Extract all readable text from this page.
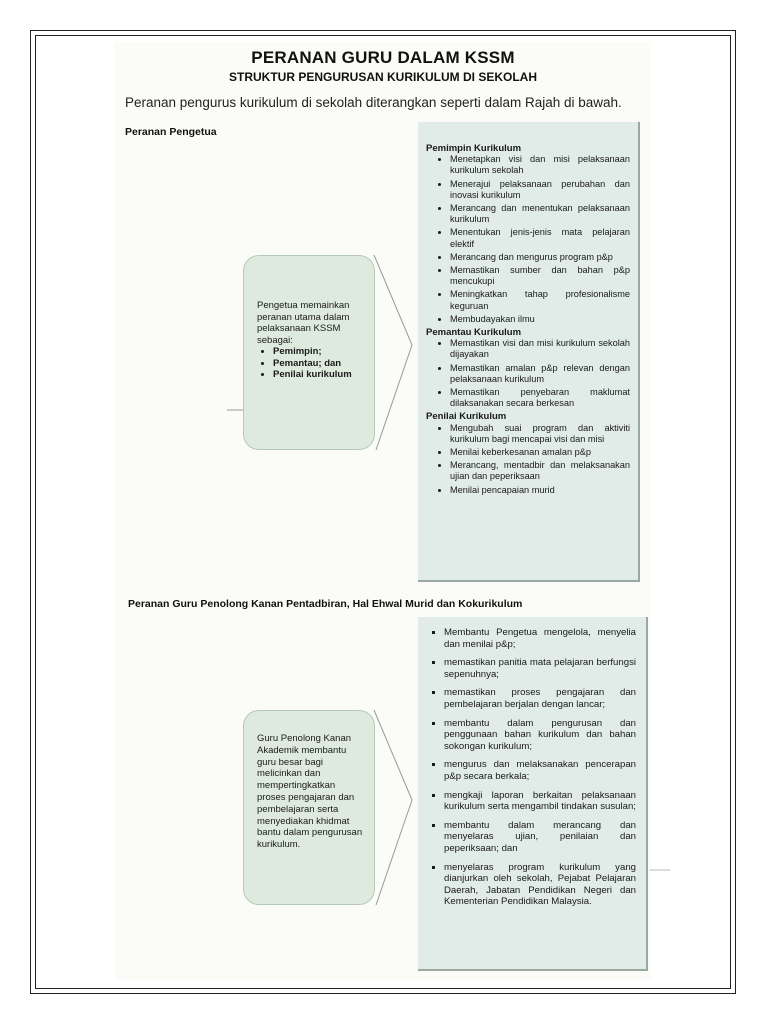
PERANAN GURU DALAM KSSM
STRUKTUR PENGURUSAN KURIKULUM DI SEKOLAH
Peranan pengurus kurikulum di sekolah diterangkan seperti dalam Rajah di bawah.
Peranan Pengetua
Pengetua memainkan peranan utama dalam pelaksanaan KSSM sebagai:
• Pemimpin;
• Pemantau; dan
• Penilai kurikulum
Pemimpin Kurikulum
• Menetapkan visi dan misi pelaksanaan kurikulum sekolah
• Menerajui pelaksanaan perubahan dan inovasi kurikulum
• Merancang dan menentukan pelaksanaan kurikulum
• Menentukan jenis-jenis mata pelajaran elektif
• Merancang dan mengurus program p&p
• Memastikan sumber dan bahan p&p mencukupi
• Meningkatkan tahap profesionalisme keguruan
• Membudayakan ilmu
Pemantau Kurikulum
• Memastikan visi dan misi kurikulum sekolah dijayakan
• Memastikan amalan p&p relevan dengan pelaksanaan kurikulum
• Memastikan penyebaran maklumat dilaksanakan secara berkesan
Penilai Kurikulum
• Mengubah suai program dan aktiviti kurikulum bagi mencapai visi dan misi
• Menilai keberkesanan amalan p&p
• Merancang, mentadbir dan melaksanakan ujian dan peperiksaan
• Menilai pencapaian murid
Peranan Guru Penolong Kanan Pentadbiran, Hal Ehwal Murid dan Kokurikulum
Guru Penolong Kanan Akademik membantu guru besar bagi melicinkan dan mempertingkatkan proses pengajaran dan pembelajaran serta menyediakan khidmat bantu dalam pengurusan kurikulum.
▪ Membantu Pengetua mengelola, menyelia dan menilai p&p;
▪ memastikan panitia mata pelajaran berfungsi sepenuhnya;
▪ memastikan proses pengajaran dan pembelajaran berjalan dengan lancar;
▪ membantu dalam pengurusan dan penggunaan bahan kurikulum dan bahan sokongan kurikulum;
▪ mengurus dan melaksanakan pencerapan p&p secara berkala;
▪ mengkaji laporan berkaitan pelaksanaan kurikulum serta mengambil tindakan susulan;
▪ membantu dalam merancang dan menyelaras ujian, penilaian dan peperiksaan; dan
▪ menyelaras program kurikulum yang dianjurkan oleh sekolah, Pejabat Pelajaran Daerah, Jabatan Pendidikan Negeri dan Kementerian Pendidikan Malaysia.
